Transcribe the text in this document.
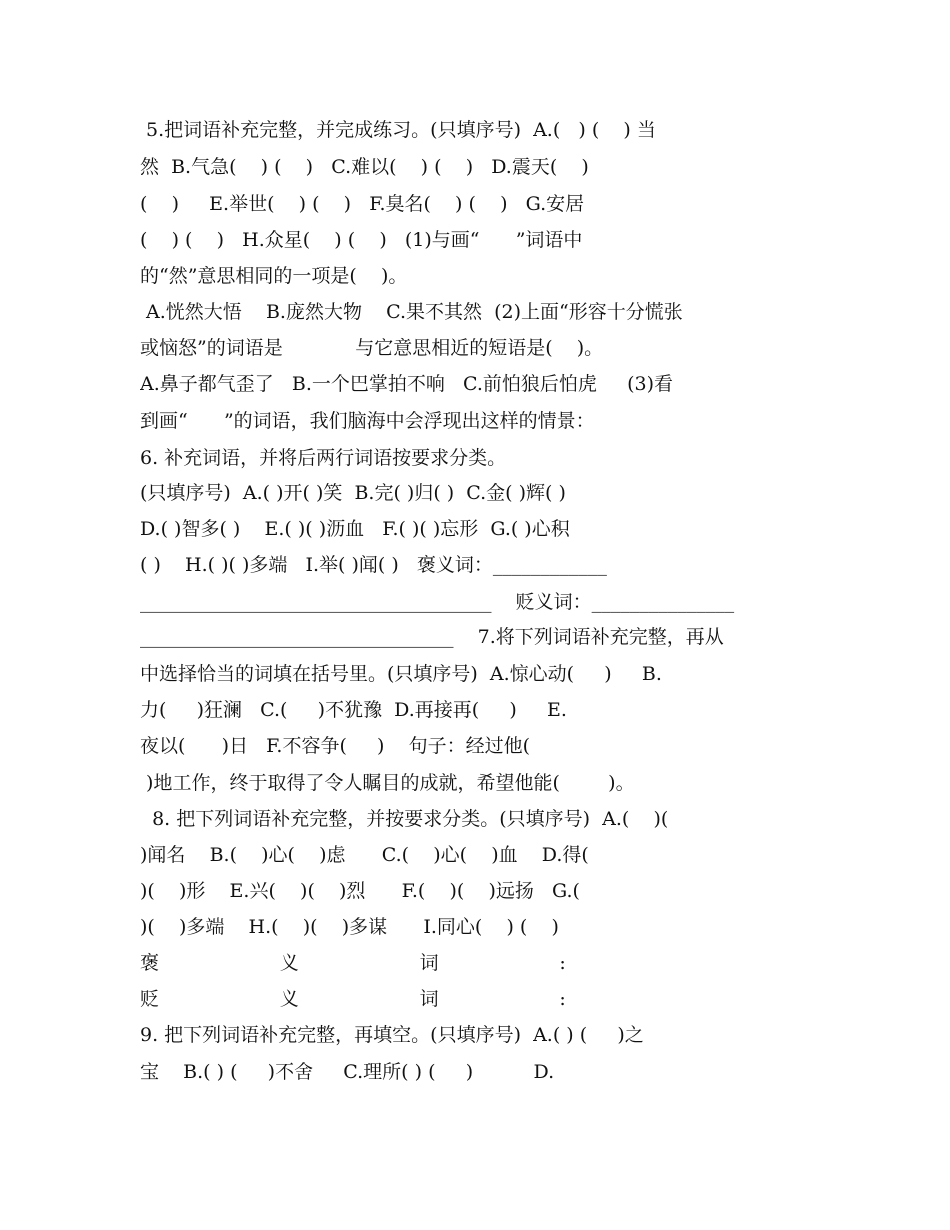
5.把词语补充完整，并完成练习。(只填序号)  A.(   ) (    ) 当
然  B.气急(    ) (    )   C.难以(    ) (    )   D.震天(    )
(    )     E.举世(    ) (    )   F.臭名(    ) (    )   G.安居
(    ) (    )   H.众星(    ) (    )   (1)与画“      ”词语中
的“然”意思相同的一项是(    )。
A.恍然大悟    B.庞然大物    C.果不其然  (2)上面“形容十分慌张
或恼怒”的词语是            与它意思相近的短语是(    )。
A.鼻子都气歪了   B.一个巴掌拍不响   C.前怕狼后怕虎     (3)看
到画“      ”的词语，我们脑海中会浮现出这样的情景：
6. 补充词语，并将后两行词语按要求分类。
(只填序号)  A.( )开( )笑  B.完( )归( )  C.金( )辉( )
D.( )智多( )    E.( )( )沥血   F.( )( )忘形  G.( )心积
( )    H.( )( )多端   I.举( )闻( )   褒义词：____________
_____________________________________    贬义词：_______________
_________________________________    7.将下列词语补充完整，再从
中选择恰当的词填在括号里。(只填序号)  A.惊心动(     )     B.
力(     )狂澜   C.(     )不犹豫  D.再接再(     )     E.
夜以(      )日   F.不容争(     )    句子：经过他(
)地工作，终于取得了令人瞩目的成就，希望他能(        )。
8. 把下列词语补充完整，并按要求分类。(只填序号)  A.(    )(
)闻名    B.(    )心(    )虑      C.(    )心(    )血    D.得(
)(    )形    E.兴(    )(    )烈      F.(    )(    )远扬   G.(
)(    )多端    H.(    )(    )多谋      I.同心(    ) (    )
褒                    义                    词                    :
贬                    义                    词                    :
9. 把下列词语补充完整，再填空。(只填序号)  A.( ) (     )之
宝    B.( ) (     )不舍     C.理所( ) (     )          D.
